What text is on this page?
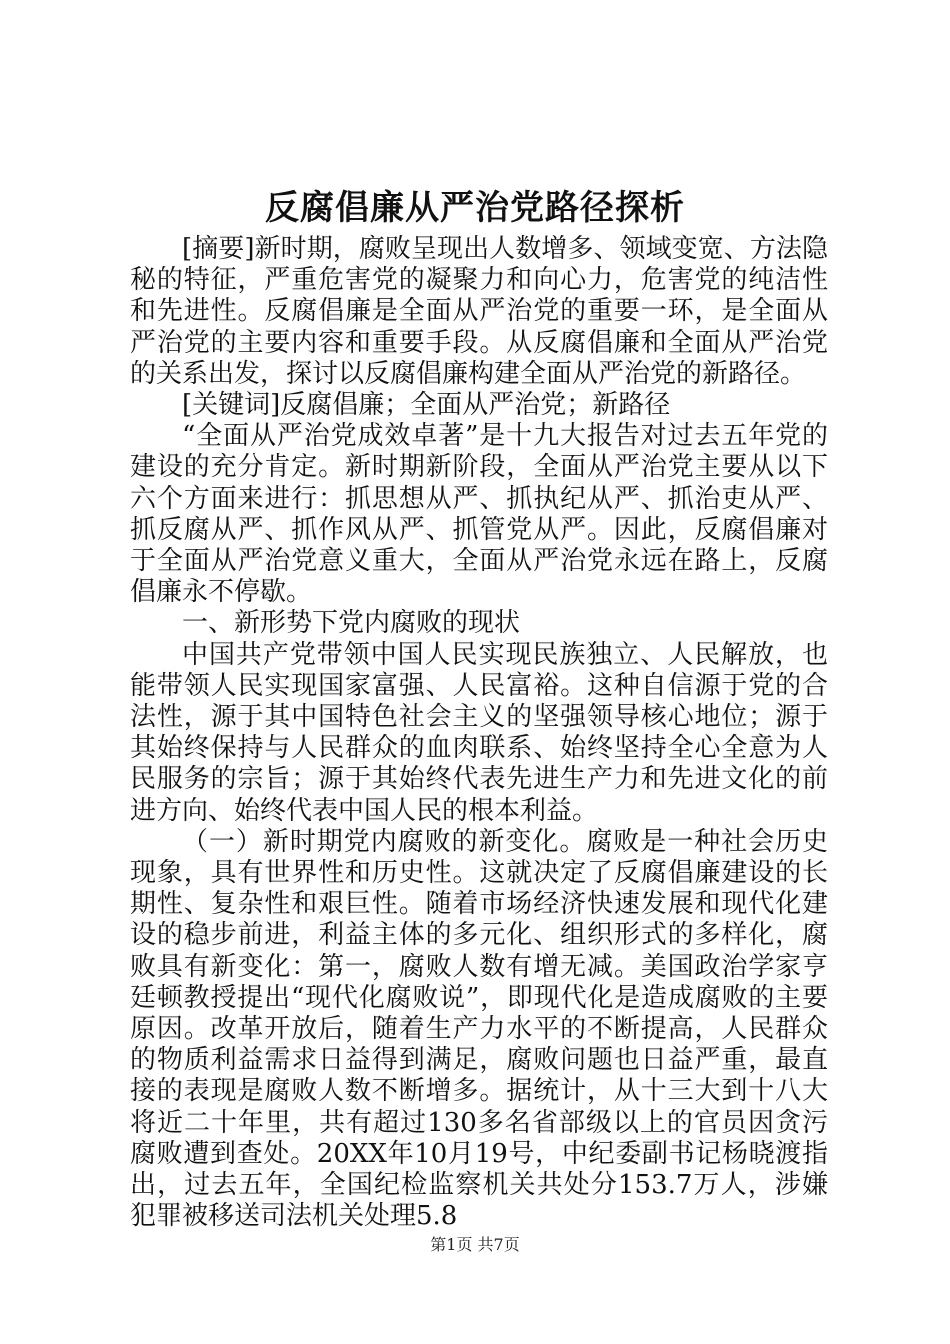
反腐倡廉从严治党路径探析

[摘要]新时期，腐败呈现出人数增多、领域变宽、方法隐秘的特征，严重危害党的凝聚力和向心力，危害党的纯洁性和先进性。反腐倡廉是全面从严治党的重要一环，是全面从严治党的主要内容和重要手段。从反腐倡廉和全面从严治党的关系出发，探讨以反腐倡廉构建全面从严治党的新路径。

[关键词]反腐倡廉；全面从严治党；新路径

“全面从严治党成效卓著”是十九大报告对过去五年党的建设的充分肯定。新时期新阶段，全面从严治党主要从以下六个方面来进行：抓思想从严、抓执纪从严、抓治吏从严、抓反腐从严、抓作风从严、抓管党从严。因此，反腐倡廉对于全面从严治党意义重大，全面从严治党永远在路上，反腐倡廉永不停歇。

一、新形势下党内腐败的现状

中国共产党带领中国人民实现民族独立、人民解放，也能带领人民实现国家富强、人民富裕。这种自信源于党的合法性，源于其中国特色社会主义的坚强领导核心地位；源于其始终保持与人民群众的血肉联系、始终坚持全心全意为人民服务的宗旨；源于其始终代表先进生产力和先进文化的前进方向、始终代表中国人民的根本利益。

（一）新时期党内腐败的新变化。腐败是一种社会历史现象，具有世界性和历史性。这就决定了反腐倡廉建设的长期性、复杂性和艰巨性。随着市场经济快速发展和现代化建设的稳步前进，利益主体的多元化、组织形式的多样化，腐败具有新变化：第一，腐败人数有增无减。美国政治学家亨廷顿教授提出“现代化腐败说”，即现代化是造成腐败的主要原因。改革开放后，随着生产力水平的不断提高，人民群众的物质利益需求日益得到满足，腐败问题也日益严重，最直接的表现是腐败人数不断增多。据统计，从十三大到十八大将近二十年里，共有超过130多名省部级以上的官员因贪污腐败遭到查处。20XX年10月19号，中纪委副书记杨晓渡指出，过去五年，全国纪检监察机关共处分153.7万人，涉嫌犯罪被移送司法机关处理5.8

第1页 共7页
